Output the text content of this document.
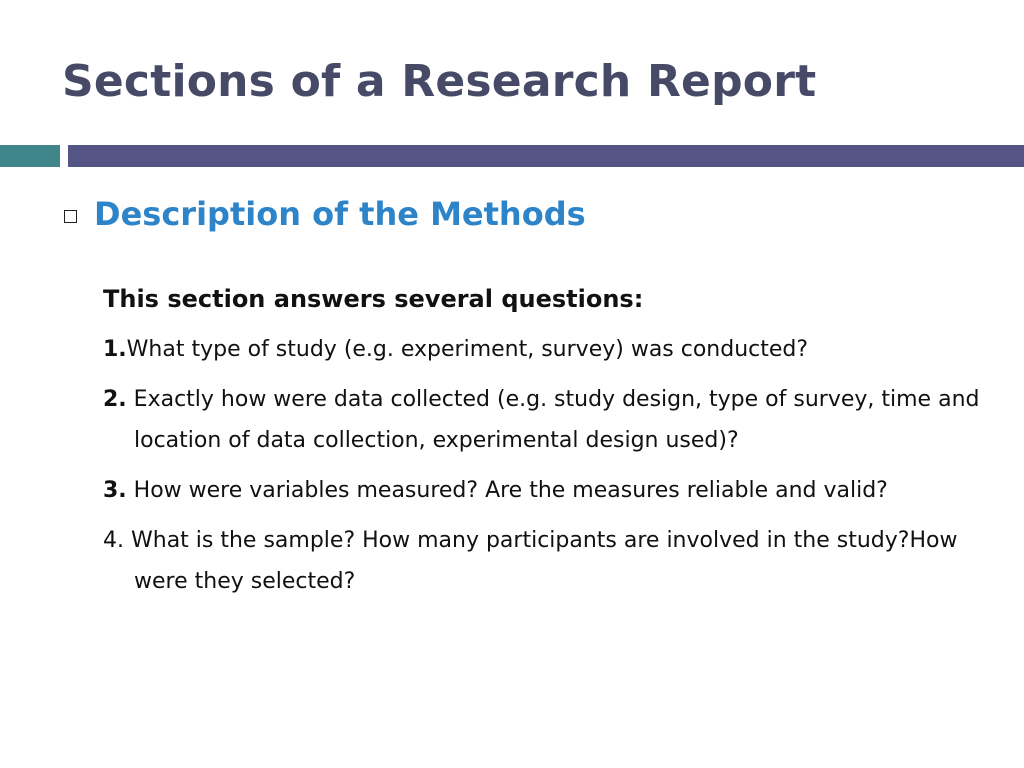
Sections of a Research Report
Description of the Methods

This section answers several questions:

1.What type of study (e.g. experiment, survey) was conducted?

2. Exactly how were data collected (e.g. study design, type of survey, time and location of data collection, experimental design used)?

3. How were variables measured? Are the measures reliable and valid?

4. What is the sample? How many participants are involved in the study?How were they selected?
